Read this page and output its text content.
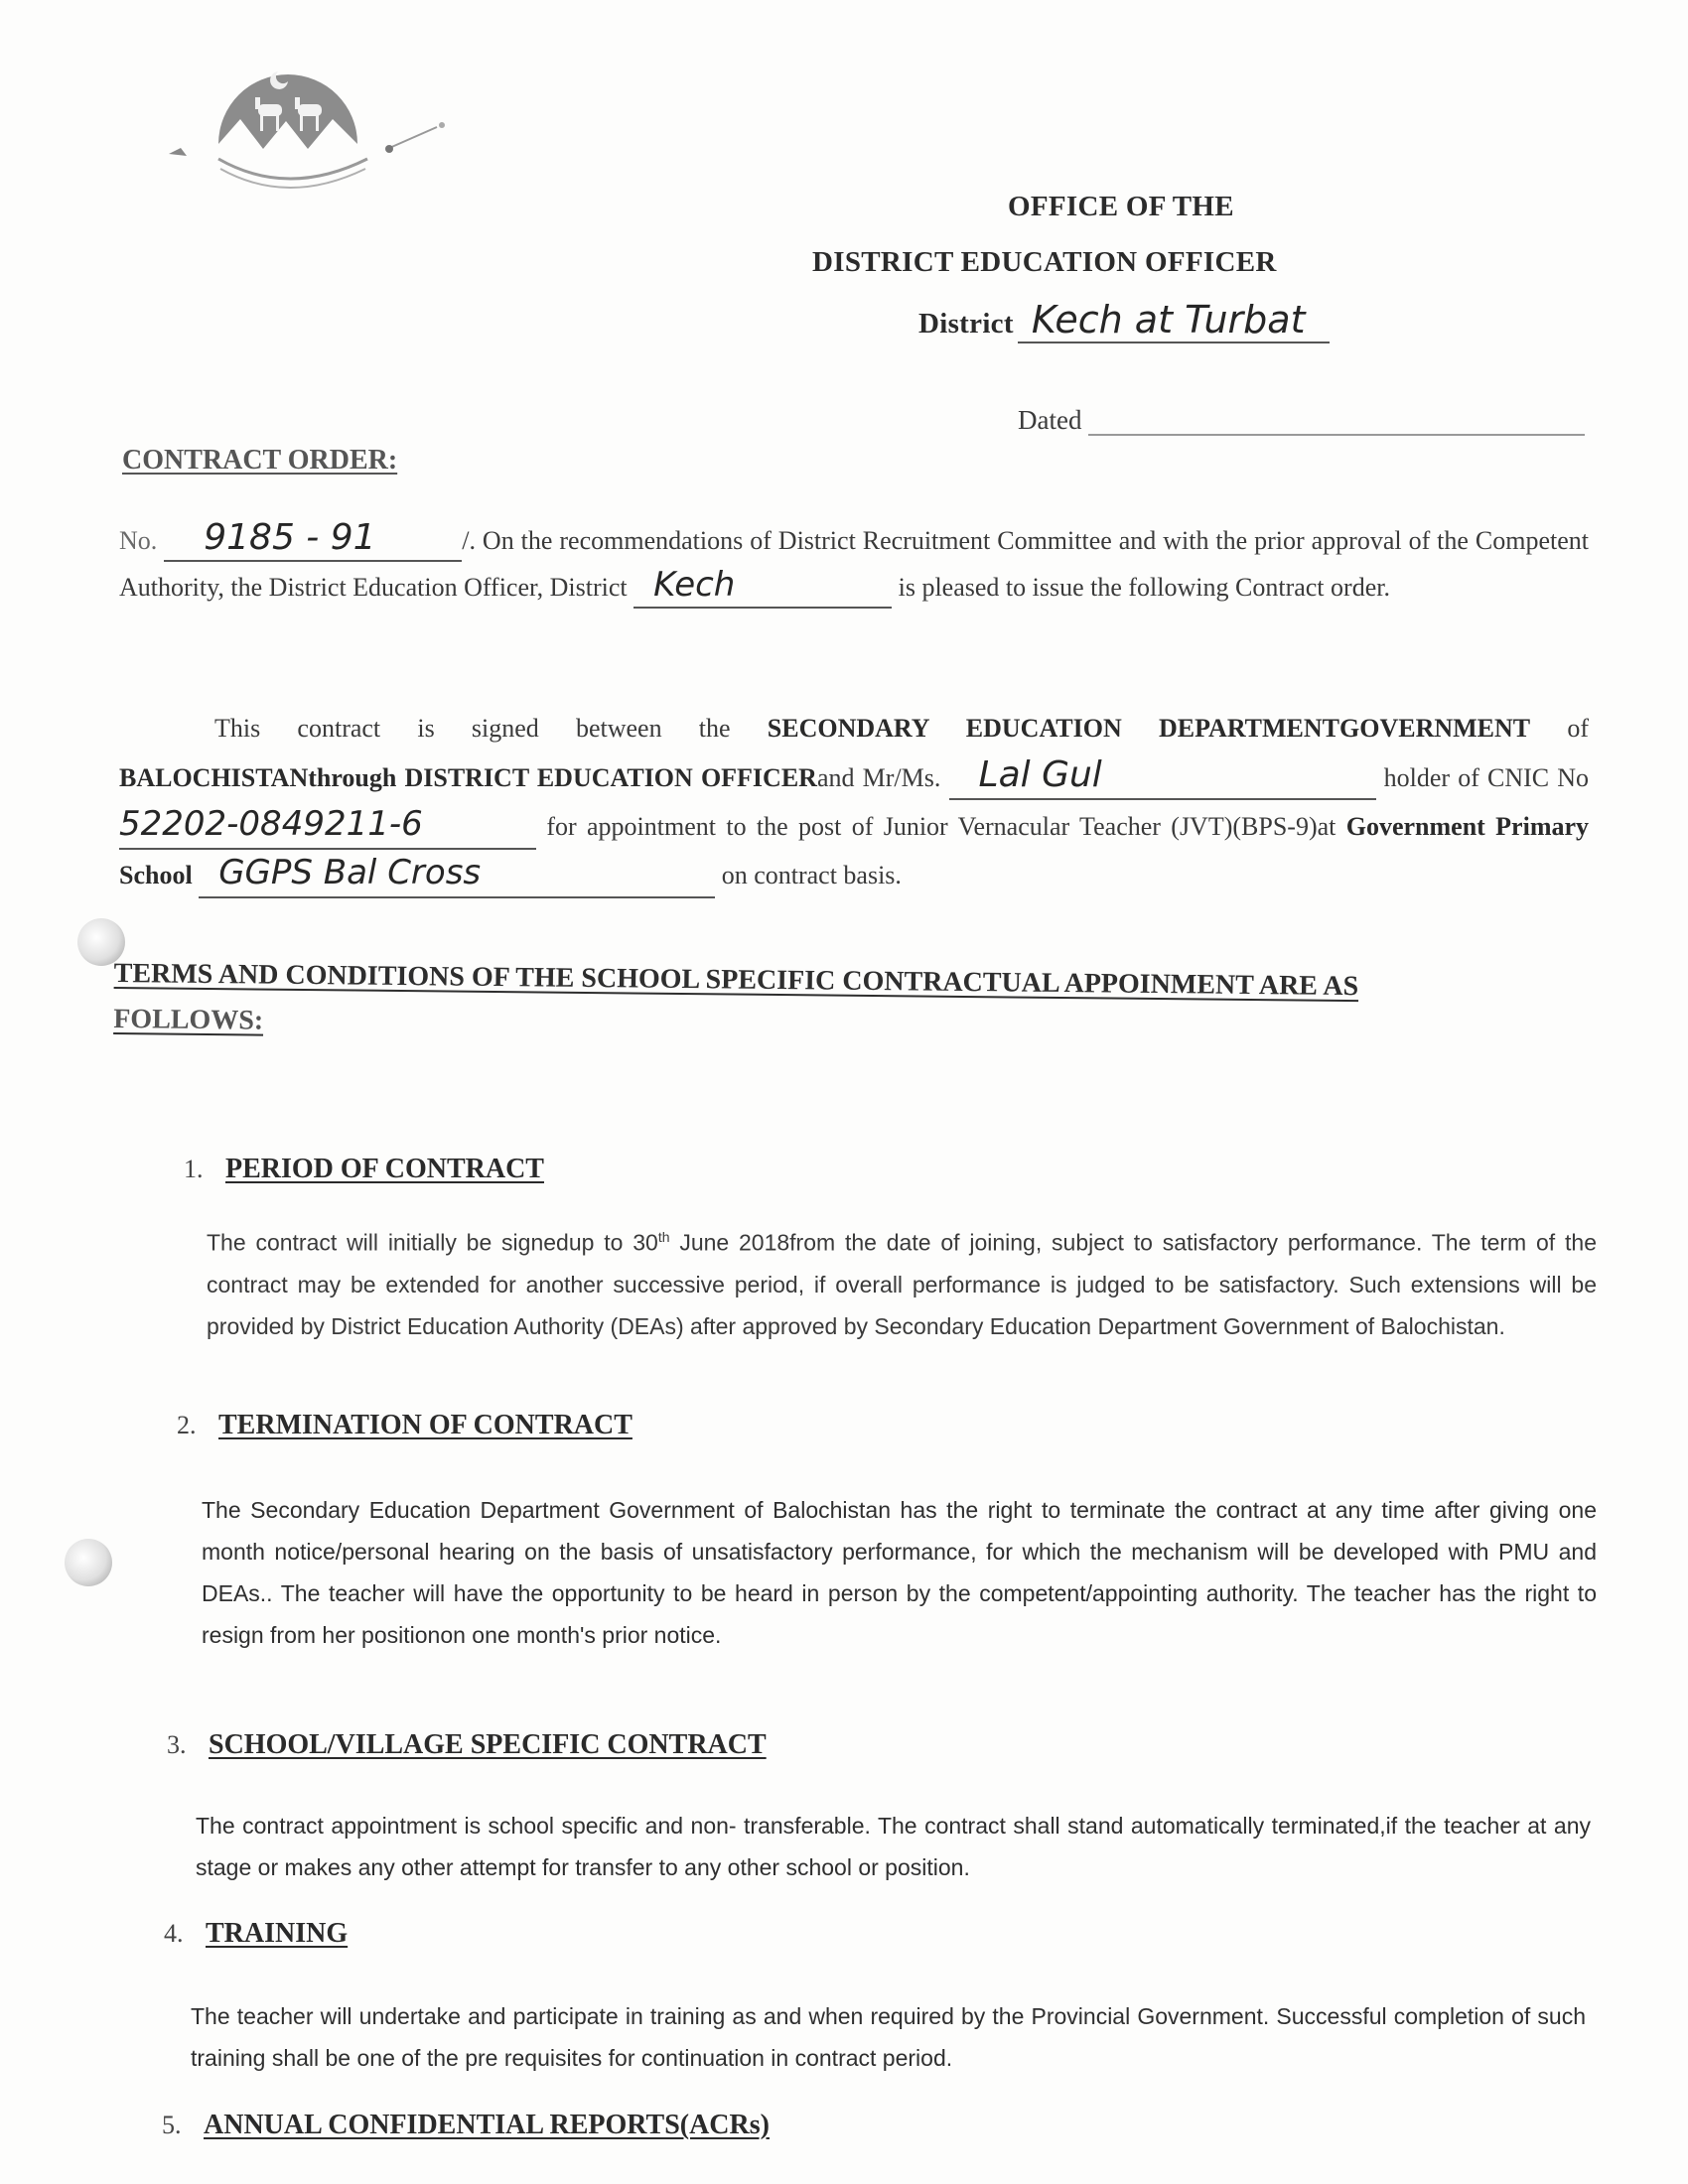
OFFICE OF THE
DISTRICT EDUCATION OFFICER
District Kech at Turbat
Dated
CONTRACT ORDER:
No. 9185 - 91	/. On the recommendations of District Recruitment Committee and with the prior approval of the Competent Authority, the District Education Officer, District Kech	is pleased to issue the following Contract order.
This contract is signed between the SECONDARY EDUCATION DEPARTMENTGOVERNMENT of BALOCHISTANthrough DISTRICT EDUCATION OFFICERand Mr/Ms. Lal Gul	holder of CNIC No 52202-0849211-6	for appointment to the post of Junior Vernacular Teacher (JVT)(BPS-9)at Government Primary School GGPS Bal Cross	on contract basis.
TERMS AND CONDITIONS OF THE SCHOOL SPECIFIC CONTRACTUAL APPOINMENT ARE AS
FOLLOWS:
1. PERIOD OF CONTRACT
The contract will initially be signedup to 30th June 2018from the date of joining, subject to satisfactory performance. The term of the contract may be extended for another successive period, if overall performance is judged to be satisfactory. Such extensions will be provided by District Education Authority (DEAs) after approved by Secondary Education Department Government of Balochistan.
2. TERMINATION OF CONTRACT
The Secondary Education Department Government of Balochistan has the right to terminate the contract at any time after giving one month notice/personal hearing on the basis of unsatisfactory performance, for which the mechanism will be developed with PMU and DEAs.. The teacher will have the opportunity to be heard in person by the competent/appointing authority. The teacher has the right to resign from her positionon one month's prior notice.
3. SCHOOL/VILLAGE SPECIFIC CONTRACT
The contract appointment is school specific and non- transferable. The contract shall stand automatically terminated,if the teacher at any stage or makes any other attempt for transfer to any other school or position.
4. TRAINING
The teacher will undertake and participate in training as and when required by the Provincial Government. Successful completion of such training shall be one of the pre requisites for continuation in contract period.
5. ANNUAL CONFIDENTIAL REPORTS(ACRs)
